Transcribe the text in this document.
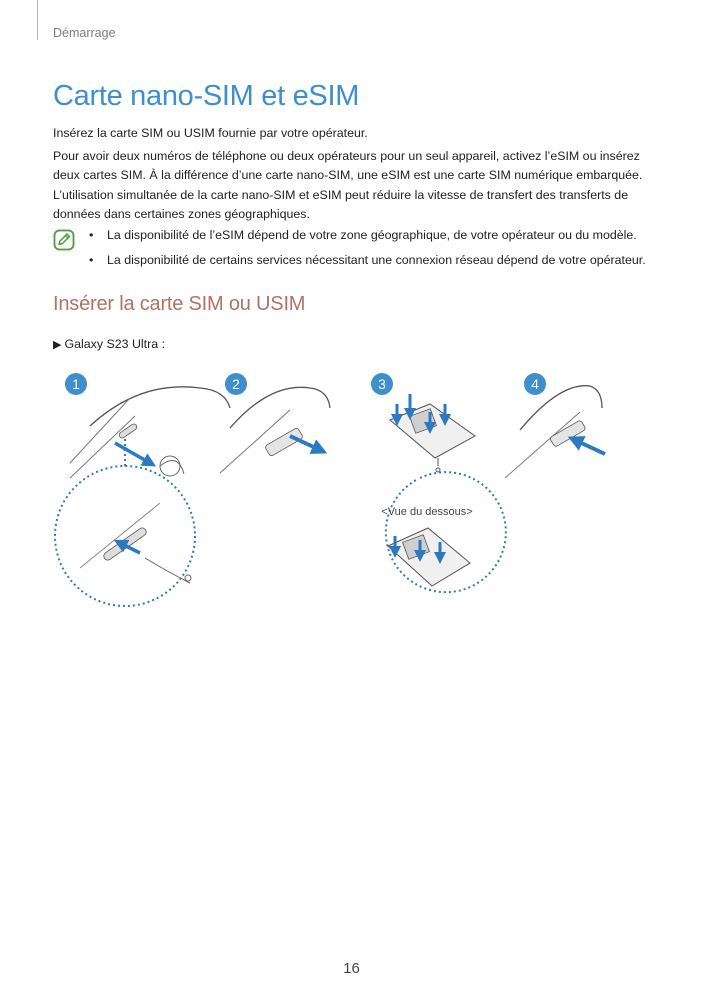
Démarrage
Carte nano-SIM et eSIM

Insérez la carte SIM ou USIM fournie par votre opérateur.

Pour avoir deux numéros de téléphone ou deux opérateurs pour un seul appareil, activez l’eSIM ou insérez deux cartes SIM. À la différence d’une carte nano-SIM, une eSIM est une carte SIM numérique embarquée. L’utilisation simultanée de la carte nano-SIM et eSIM peut réduire la vitesse de transfert des transferts de données dans certaines zones géographiques.

• La disponibilité de l’eSIM dépend de votre zone géographique, de votre opérateur ou du modèle.
• La disponibilité de certains services nécessitant une connexion réseau dépend de votre opérateur.
Insérer la carte SIM ou USIM
▶ Galaxy S23 Ultra :
1	2	3
<Vue du dessous>
4
16
